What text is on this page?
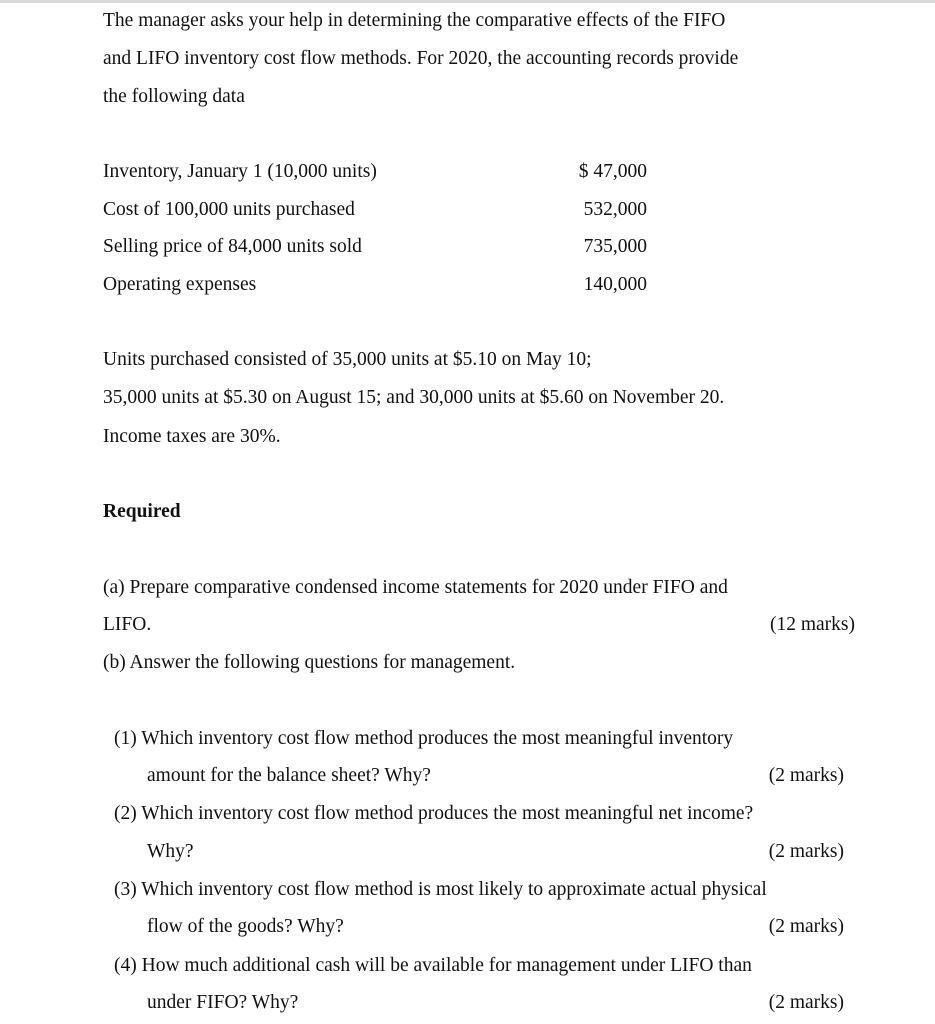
The manager asks your help in determining the comparative effects of the FIFO
and LIFO inventory cost flow methods. For 2020, the accounting records provide
the following data
Inventory, January 1 (10,000 units)	$ 47,000
Cost of 100,000 units purchased	532,000
Selling price of 84,000 units sold	735,000
Operating expenses	140,000
Units purchased consisted of 35,000 units at $5.10 on May 10;
35,000 units at $5.30 on August 15; and 30,000 units at $5.60 on November 20.
Income taxes are 30%.
Required
(a) Prepare comparative condensed income statements for 2020 under FIFO and
LIFO.	(12 marks)
(b) Answer the following questions for management.
(1) Which inventory cost flow method produces the most meaningful inventory
amount for the balance sheet? Why?	(2 marks)
(2) Which inventory cost flow method produces the most meaningful net income?
Why?	(2 marks)
(3) Which inventory cost flow method is most likely to approximate actual physical
flow of the goods? Why?	(2 marks)
(4) How much additional cash will be available for management under LIFO than
under FIFO? Why?	(2 marks)
